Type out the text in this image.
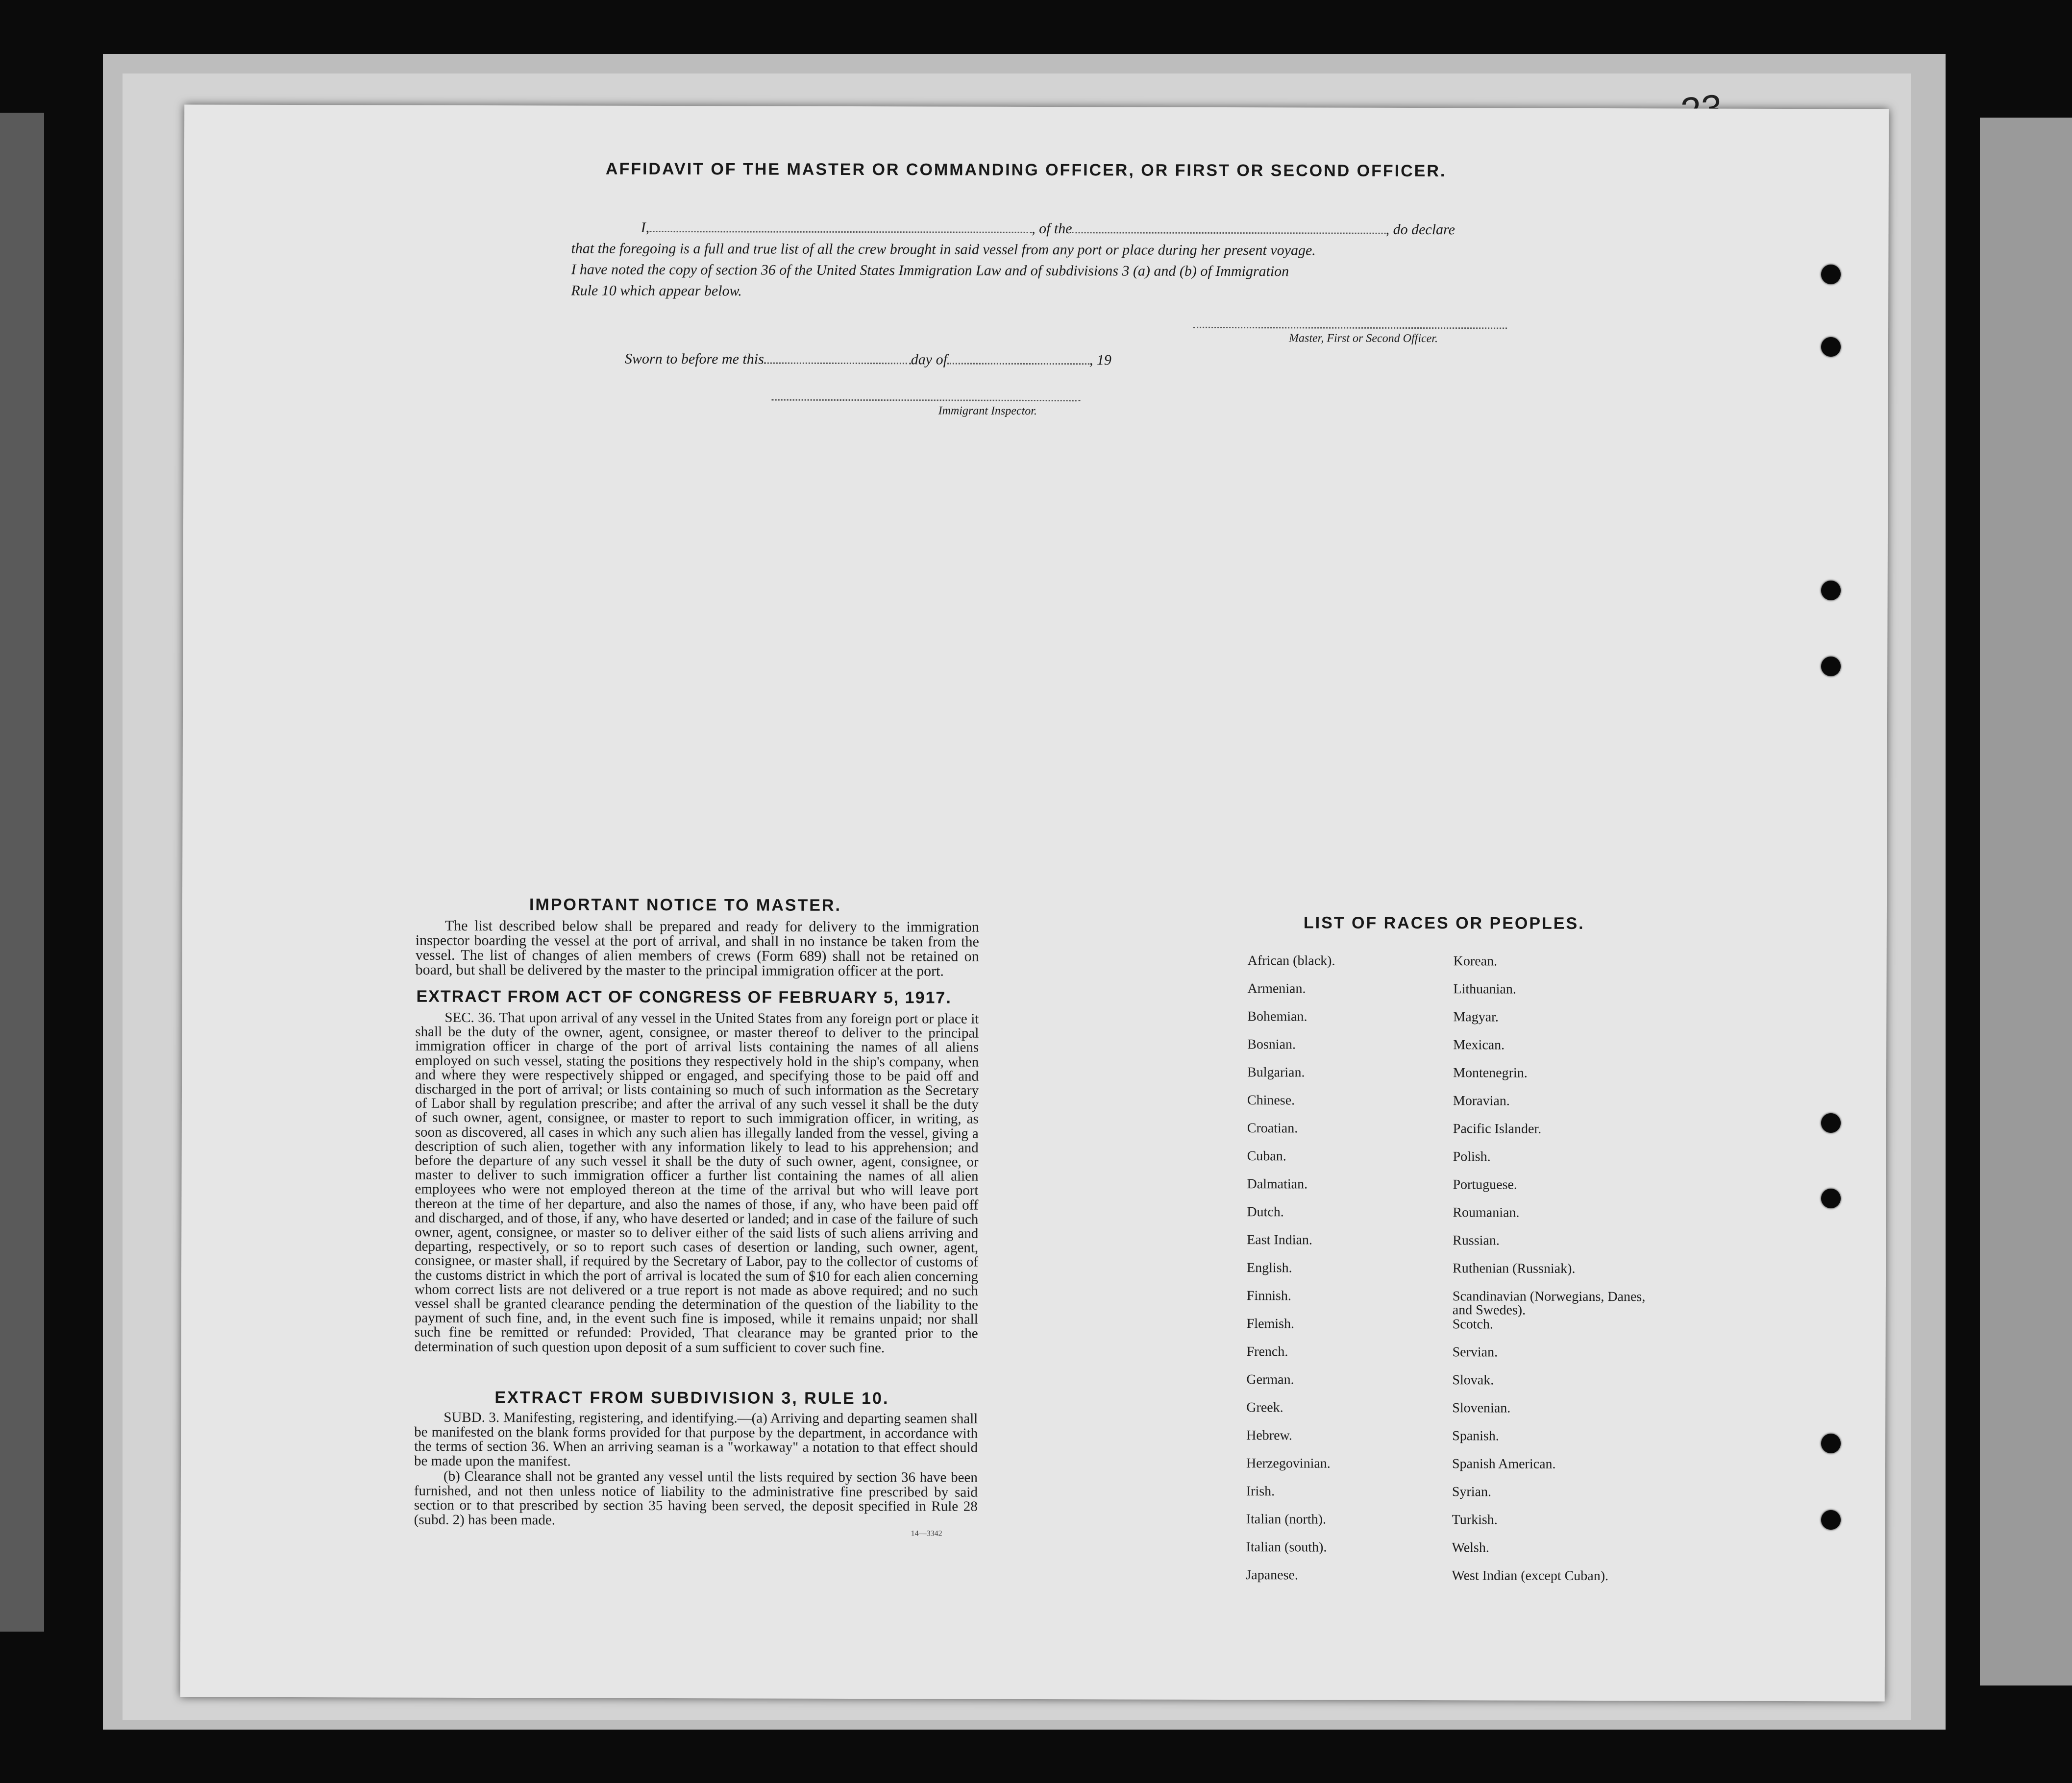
AFFIDAVIT OF THE MASTER OR COMMANDING OFFICER, OR FIRST OR SECOND OFFICER.
I,	, of the	, do declare
that the foregoing is a full and true list of all the crew brought in said vessel from any port or place during her present voyage.
I have noted the copy of section 36 of the United States Immigration Law and of subdivisions 3 (a) and (b) of Immigration
Rule 10 which appear below.
Master, First or Second Officer.
Sworn to before me this	day of	, 19
Immigrant Inspector.
IMPORTANT NOTICE TO MASTER.
The list described below shall be prepared and ready for delivery to the immigration inspector boarding the vessel at the port of arrival, and shall in no instance be taken from the vessel. The list of changes of alien members of crews (Form 689) shall not be retained on board, but shall be delivered by the master to the principal immigration officer at the port.
EXTRACT FROM ACT OF CONGRESS OF FEBRUARY 5, 1917.
SEC. 36. That upon arrival of any vessel in the United States from any foreign port or place it shall be the duty of the owner, agent, consignee, or master thereof to deliver to the principal immigration officer in charge of the port of arrival lists containing the names of all aliens employed on such vessel, stating the positions they respectively hold in the ship's company, when and where they were respectively shipped or engaged, and specifying those to be paid off and discharged in the port of arrival; or lists containing so much of such information as the Secretary of Labor shall by regulation prescribe; and after the arrival of any such vessel it shall be the duty of such owner, agent, consignee, or master to report to such immigration officer, in writing, as soon as discovered, all cases in which any such alien has illegally landed from the vessel, giving a description of such alien, together with any information likely to lead to his apprehension; and before the departure of any such vessel it shall be the duty of such owner, agent, consignee, or master to deliver to such immigration officer a further list containing the names of all alien employees who were not employed thereon at the time of the arrival but who will leave port thereon at the time of her departure, and also the names of those, if any, who have been paid off and discharged, and of those, if any, who have deserted or landed; and in case of the failure of such owner, agent, consignee, or master so to deliver either of the said lists of such aliens arriving and departing, respectively, or so to report such cases of desertion or landing, such owner, agent, consignee, or master shall, if required by the Secretary of Labor, pay to the collector of customs of the customs district in which the port of arrival is located the sum of $10 for each alien concerning whom correct lists are not delivered or a true report is not made as above required; and no such vessel shall be granted clearance pending the determination of the question of the liability to the payment of such fine, and, in the event such fine is imposed, while it remains unpaid; nor shall such fine be remitted or refunded: Provided, That clearance may be granted prior to the determination of such question upon deposit of a sum sufficient to cover such fine.
EXTRACT FROM SUBDIVISION 3, RULE 10.
SUBD. 3. Manifesting, registering, and identifying.—(a) Arriving and departing seamen shall be manifested on the blank forms provided for that purpose by the department, in accordance with the terms of section 36. When an arriving seaman is a "workaway" a notation to that effect should be made upon the manifest.
(b) Clearance shall not be granted any vessel until the lists required by section 36 have been furnished, and not then unless notice of liability to the administrative fine prescribed by said section or to that prescribed by section 35 having been served, the deposit specified in Rule 28 (subd. 2) has been made.
14—3342
LIST OF RACES OR PEOPLES.
African (black).	Korean.
Armenian.	Lithuanian.
Bohemian.	Magyar.
Bosnian.	Mexican.
Bulgarian.	Montenegrin.
Chinese.	Moravian.
Croatian.	Pacific Islander.
Cuban.	Polish.
Dalmatian.	Portuguese.
Dutch.	Roumanian.
East Indian.	Russian.
English.	Ruthenian (Russniak).
Finnish.	Scandinavian (Norwegians, Danes, and Swedes).
Flemish.	Scotch.
French.	Servian.
German.	Slovak.
Greek.	Slovenian.
Hebrew.	Spanish.
Herzegovinian.	Spanish American.
Irish.	Syrian.
Italian (north).	Turkish.
Italian (south).	Welsh.
Japanese.	West Indian (except Cuban).
